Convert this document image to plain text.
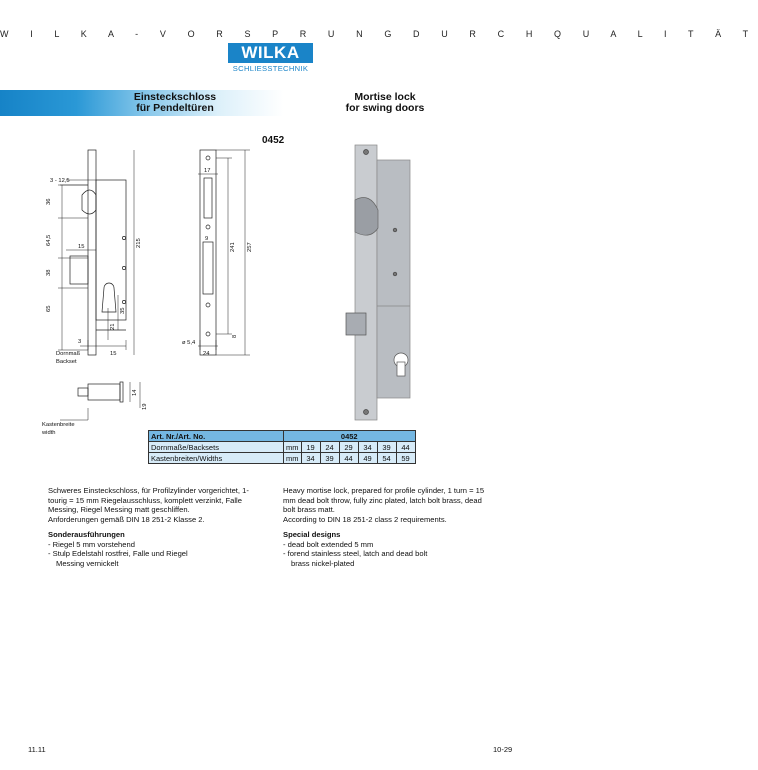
W I L K A - V O R S P R U N G D U R C H Q U A L I T Ä T
WILKA
SCHLIESSTECHNIK
Einsteckschloss
für Pendeltüren
Mortise lock
for swing doors
0452
3 - 12,5
36
64,5
38
65
15	215
35
21
3
15
Dornmaß
Backset
17
9
241 257
8
24
ø 5,4
14
19
Kastenbreite
width	Art. Nr./Art. No.	0452						
Dornmaße/Backsets	mm	19	24	29	34	39	44
Kastenbreiten/Widths	mm	34	39	44	49	54	59

Schweres Einsteckschloss, für Profilzylinder vorgerichtet, 1-tourig = 15 mm Riegelausschluss, komplett verzinkt, Falle Messing, Riegel Messing matt geschliffen.

Anforderungen gemäß DIN 18 251-2 Klasse 2.

Sonderausführungen

- Riegel 5 mm vorstehend

- Stulp Edelstahl rostfrei, Falle und Riegel

Messing vernickelt

Heavy mortise lock, prepared for profile cylinder, 1 turn = 15 mm dead bolt throw, fully zinc plated, latch bolt brass, dead bolt brass matt.

According to DIN 18 251-2 class 2 requirements.

Special designs

- dead bolt extended 5 mm

- forend stainless steel, latch and dead bolt

brass nickel-plated

11.11	10-29
